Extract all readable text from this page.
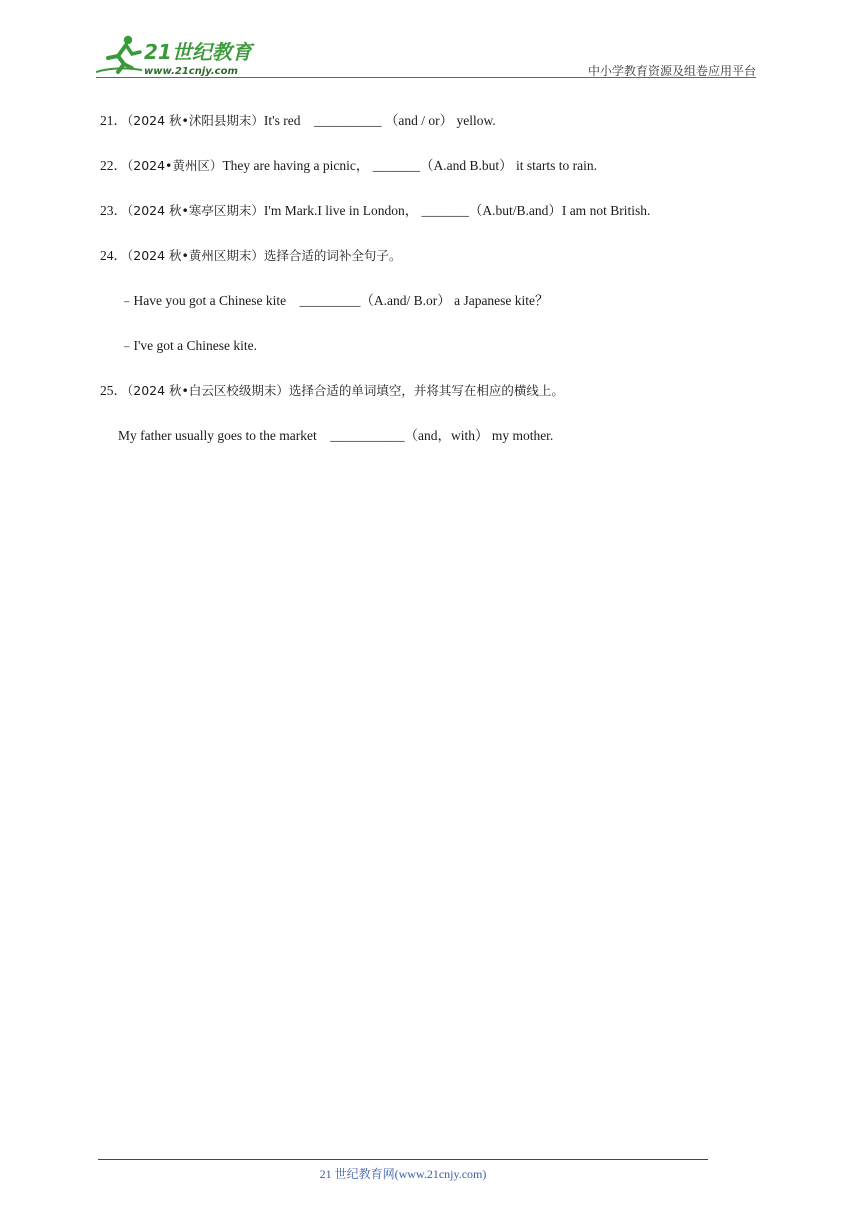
21世纪教育
www.21cnjy.com	中小学教育资源及组卷应用平台
21．（2024 秋•沭阳县期末）It's red　__________ （and / or） yellow.
22．（2024•黄州区）They are having a picnic， _______（A.and B.but） it starts to rain.
23．（2024 秋•寒亭区期末）I'm Mark.I live in London， _______（A.but/B.and）I am not British.
24．（2024 秋•黄州区期末）选择合适的词补全句子。
﹣Have you got a Chinese kite　_________（A.and/ B.or） a Japanese kite？
﹣I've got a Chinese kite.
25．（2024 秋•白云区校级期末）选择合适的单词填空，并将其写在相应的横线上。
My father usually goes to the market　___________（and，with） my mother.
21 世纪教育网(www.21cnjy.com)
